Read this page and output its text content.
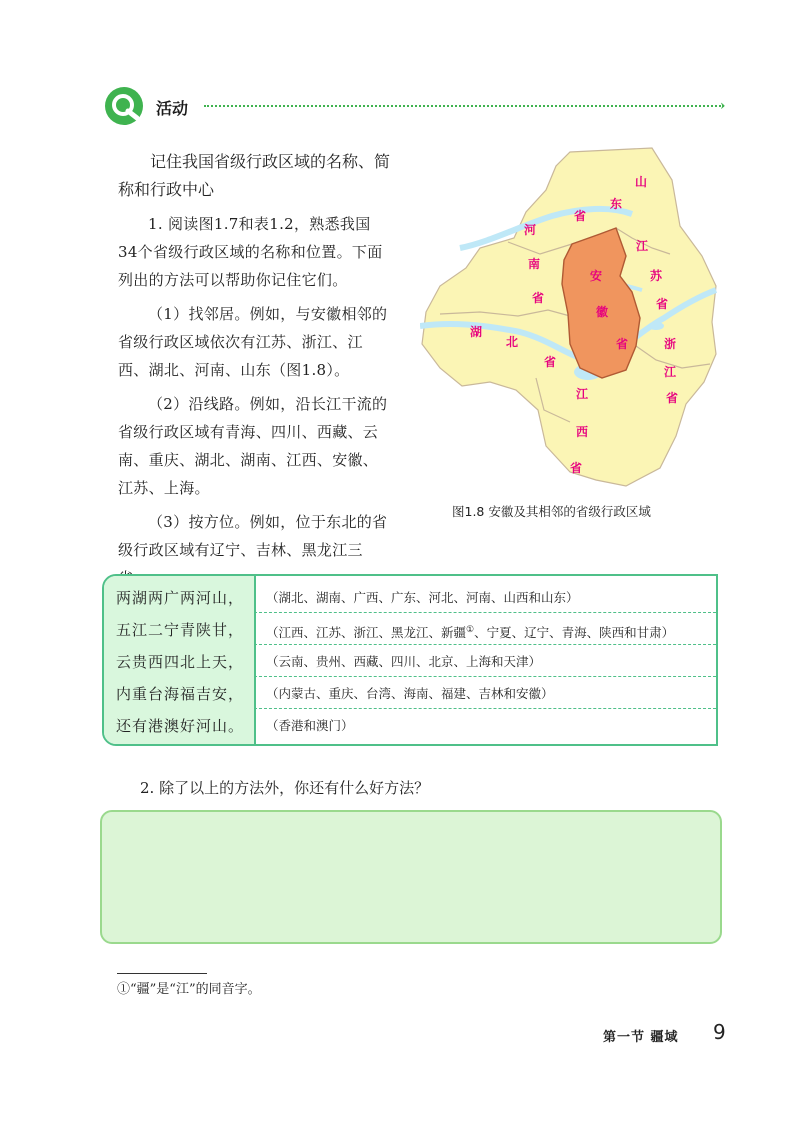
活动	›

记住我国省级行政区域的名称、简称和行政中心

1. 阅读图1.7和表1.2，熟悉我国34个省级行政区域的名称和位置。下面列出的方法可以帮助你记住它们。

（1）找邻居。例如，与安徽相邻的省级行政区域依次有江苏、浙江、江西、湖北、河南、山东（图1.8）。

（2）沿线路。例如，沿长江干流的省级行政区域有青海、四川、西藏、云南、重庆、湖北、湖南、江西、安徽、江苏、上海。

（3）按方位。例如，位于东北的省级行政区域有辽宁、吉林、黑龙江三

山
东
省
河
南
省
江
苏
省
安
徽
省
湖
北
省
浙
江
省
江
西
省
图1.8 安徽及其相邻的省级行政区域
两湖两广两河山，	（湖北、湖南、广西、广东、河北、河南、山西和山东）
五江二宁青陕甘，	（江西、江苏、浙江、黑龙江、新疆①、宁夏、辽宁、青海、陕西和甘肃）
云贵西四北上天，	（云南、贵州、西藏、四川、北京、上海和天津）
内重台海福吉安，	（内蒙古、重庆、台湾、海南、福建、吉林和安徽）
还有港澳好河山。	（香港和澳门）

2. 除了以上的方法外，你还有什么好方法？

①“疆”是“江”的同音字。

第一节 疆域 9
